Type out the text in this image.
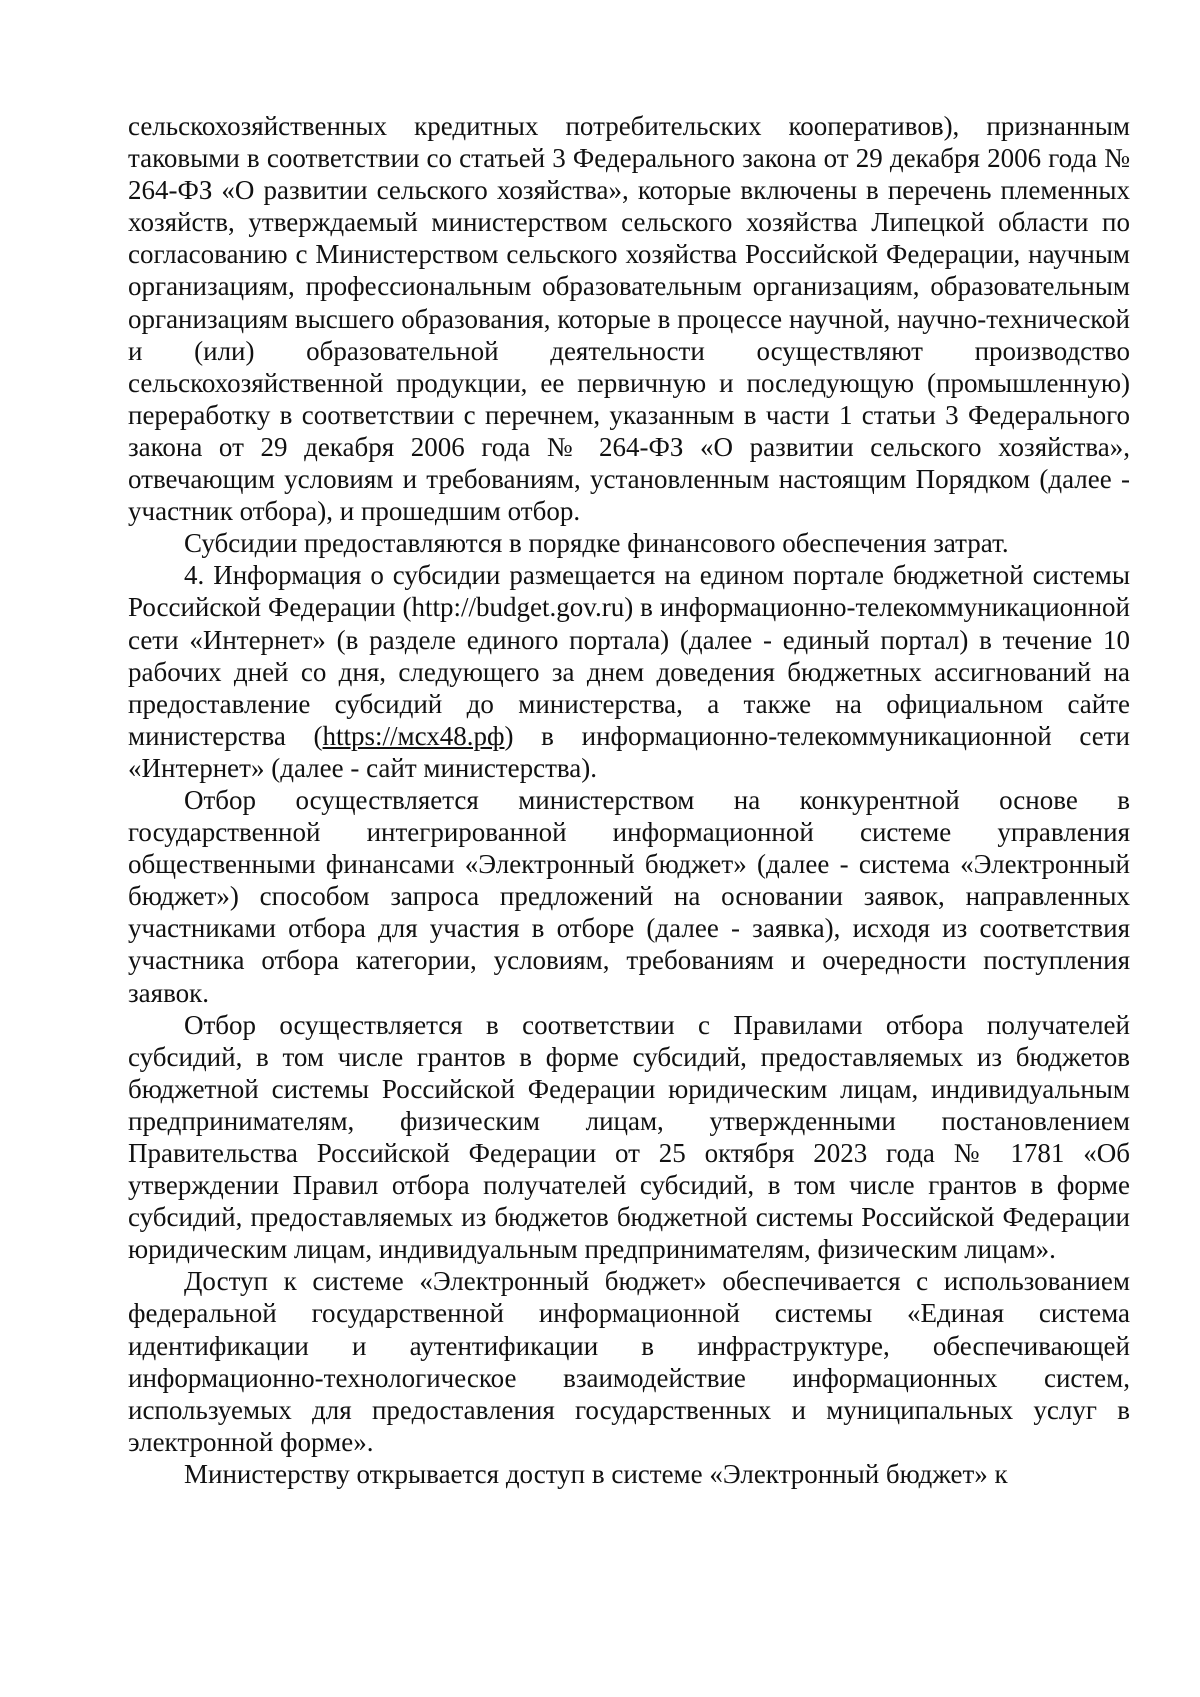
сельскохозяйственных кредитных потребительских кооперативов), признанным таковыми в соответствии со статьей 3 Федерального закона от 29 декабря 2006 года № 264-ФЗ «О развитии сельского хозяйства», которые включены в перечень племенных хозяйств, утверждаемый министерством сельского хозяйства Липецкой области по согласованию с Министерством сельского хозяйства Российской Федерации, научным организациям, профессиональным образовательным организациям, образовательным организациям высшего образования, которые в процессе научной, научно-технической и (или) образовательной деятельности осуществляют производство сельскохозяйственной продукции, ее первичную и последующую (промышленную) переработку в соответствии с перечнем, указанным в части 1 статьи 3 Федерального закона от 29 декабря 2006 года № 264-ФЗ «О развитии сельского хозяйства», отвечающим условиям и требованиям, установленным настоящим Порядком (далее - участник отбора), и прошедшим отбор.

Субсидии предоставляются в порядке финансового обеспечения затрат.

4. Информация о субсидии размещается на едином портале бюджетной системы Российской Федерации (http://budget.gov.ru) в информационно-телекоммуникационной сети «Интернет» (в разделе единого портала) (далее - единый портал) в течение 10 рабочих дней со дня, следующего за днем доведения бюджетных ассигнований на предоставление субсидий до министерства, а также на официальном сайте министерства (https://мсх48.рф) в информационно-телекоммуникационной сети «Интернет» (далее - сайт министерства).

Отбор осуществляется министерством на конкурентной основе в государственной интегрированной информационной системе управления общественными финансами «Электронный бюджет» (далее - система «Электронный бюджет») способом запроса предложений на основании заявок, направленных участниками отбора для участия в отборе (далее - заявка), исходя из соответствия участника отбора категории, условиям, требованиям и очередности поступления заявок.

Отбор осуществляется в соответствии с Правилами отбора получателей субсидий, в том числе грантов в форме субсидий, предоставляемых из бюджетов бюджетной системы Российской Федерации юридическим лицам, индивидуальным предпринимателям, физическим лицам, утвержденными постановлением Правительства Российской Федерации от 25 октября 2023 года № 1781 «Об утверждении Правил отбора получателей субсидий, в том числе грантов в форме субсидий, предоставляемых из бюджетов бюджетной системы Российской Федерации юридическим лицам, индивидуальным предпринимателям, физическим лицам».

Доступ к системе «Электронный бюджет» обеспечивается с использованием федеральной государственной информационной системы «Единая система идентификации и аутентификации в инфраструктуре, обеспечивающей информационно-технологическое взаимодействие информационных систем, используемых для предоставления государственных и муниципальных услуг в электронной форме».

Министерству открывается доступ в системе «Электронный бюджет» к
